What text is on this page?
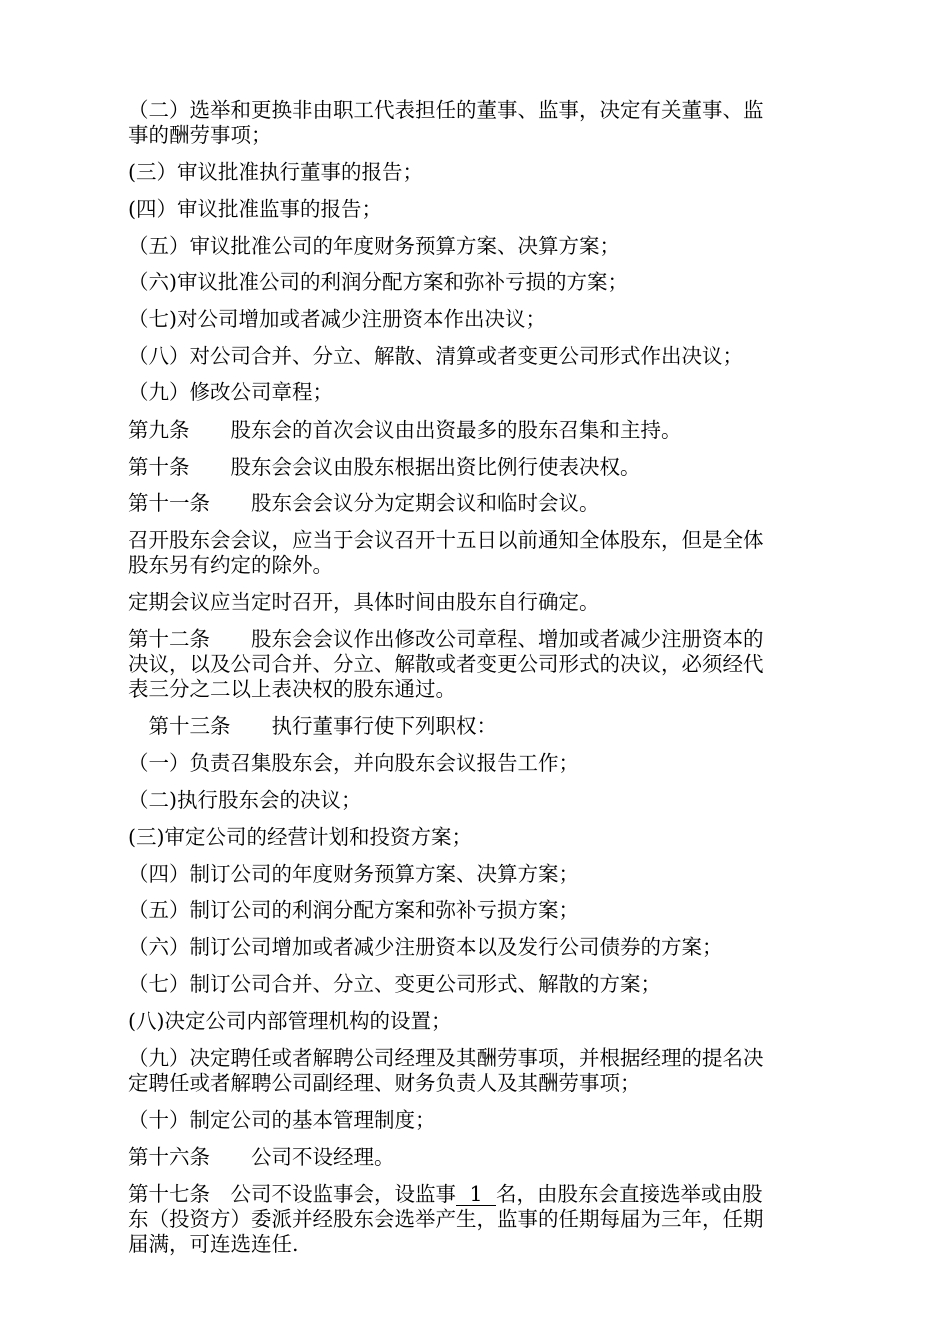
（二）选举和更换非由职工代表担任的董事、监事，决定有关董事、监
事的酬劳事项；

(三）审议批准执行董事的报告；

(四）审议批准监事的报告；

（五）审议批准公司的年度财务预算方案、决算方案；

（六)审议批准公司的利润分配方案和弥补亏损的方案；

（七)对公司增加或者减少注册资本作出决议；

（八）对公司合并、分立、解散、清算或者变更公司形式作出决议；

（九）修改公司章程；

第九条　　股东会的首次会议由出资最多的股东召集和主持。

第十条　　股东会会议由股东根据出资比例行使表决权。

第十一条　　股东会会议分为定期会议和临时会议。

召开股东会会议，应当于会议召开十五日以前通知全体股东，但是全体
股东另有约定的除外。

定期会议应当定时召开，具体时间由股东自行确定。

第十二条　　股东会会议作出修改公司章程、增加或者减少注册资本的
决议，以及公司合并、分立、解散或者变更公司形式的决议，必须经代
表三分之二以上表决权的股东通过。

　第十三条　　执行董事行使下列职权：

（一）负责召集股东会，并向股东会议报告工作；

（二)执行股东会的决议；

(三)审定公司的经营计划和投资方案；

（四）制订公司的年度财务预算方案、决算方案；

（五）制订公司的利润分配方案和弥补亏损方案；

（六）制订公司增加或者减少注册资本以及发行公司债券的方案；

（七）制订公司合并、分立、变更公司形式、解散的方案；

(八)决定公司内部管理机构的设置；

（九）决定聘任或者解聘公司经理及其酬劳事项，并根据经理的提名决
定聘任或者解聘公司副经理、财务负责人及其酬劳事项；

（十）制定公司的基本管理制度；

第十六条　　公司不设经理。

第十七条　公司不设监事会，设监事 1 名，由股东会直接选举或由股
东（投资方）委派并经股东会选举产生，监事的任期每届为三年，任期
届满，可连选连任.
